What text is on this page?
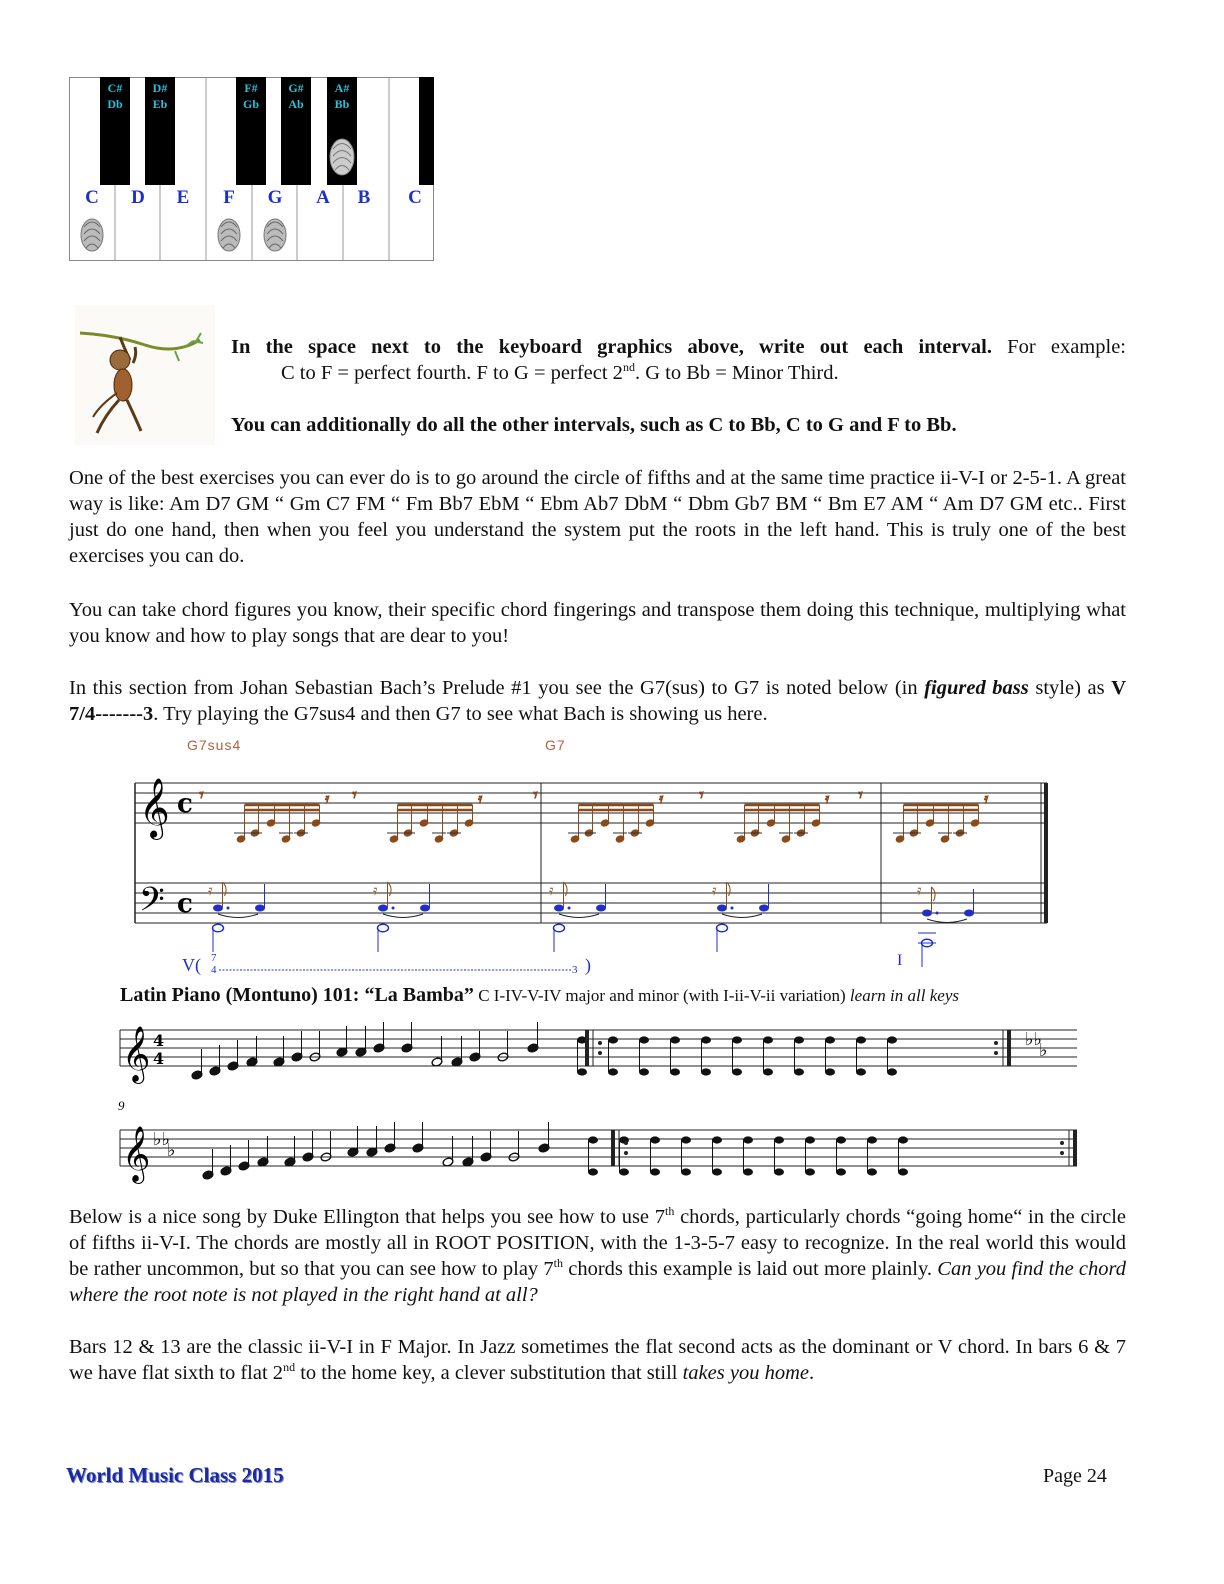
C#
Db
D#
Eb
F#
Gb
G#
Ab
A#
Bb
C D E F G A B C
In the space next to the keyboard graphics above, write out each interval. For example:
C to F = perfect fourth. F to G = perfect 2nd. G to Bb = Minor Third.
You can additionally do all the other intervals, such as C to Bb, C to G and F to Bb.

One of the best exercises you can ever do is to go around the circle of fifths and at the same time practice ii-V-I or 2-5-1. A great way is like: Am D7 GM “ Gm C7 FM “ Fm Bb7 EbM “ Ebm Ab7 DbM “ Dbm Gb7 BM “ Bm E7 AM “ Am D7 GM etc.. First just do one hand, then when you feel you understand the system put the roots in the left hand. This is truly one of the best exercises you can do.

You can take chord figures you know, their specific chord fingerings and transpose them doing this technique, multiplying what you know and how to play songs that are dear to you!

In this section from Johan Sebastian Bach’s Prelude #1 you see the G7(sus) to G7 is noted below (in figured bass style) as V 7/4-------3. Try playing the G7sus4 and then G7 to see what Bach is showing us here.

G7sus4	G7
𝄞
𝄢
c
c
𝄾	𝄿 𝄾	𝄿	𝄾	𝄿 𝄾	𝄿 𝄾	𝄿
𝄿	𝄿	𝄿	𝄿	𝄿
V( 7
4	3 )	I
Latin Piano (Montuno) 101: “La Bamba” C I-IV-V-IV major and minor (with I-ii-V-ii variation) learn in all keys
𝄞 4
4
♭♭
♭
9
𝄞 ♭♭
♭

Below is a nice song by Duke Ellington that helps you see how to use 7th chords, particularly chords “going home“ in the circle of fifths ii-V-I. The chords are mostly all in ROOT POSITION, with the 1-3-5-7 easy to recognize. In the real world this would be rather uncommon, but so that you can see how to play 7th chords this example is laid out more plainly. Can you find the chord where the root note is not played in the right hand at all?

Bars 12 & 13 are the classic ii-V-I in F Major. In Jazz sometimes the flat second acts as the dominant or V chord. In bars 6 & 7 we have flat sixth to flat 2nd to the home key, a clever substitution that still takes you home.

World Music Class 2015	Page 24
